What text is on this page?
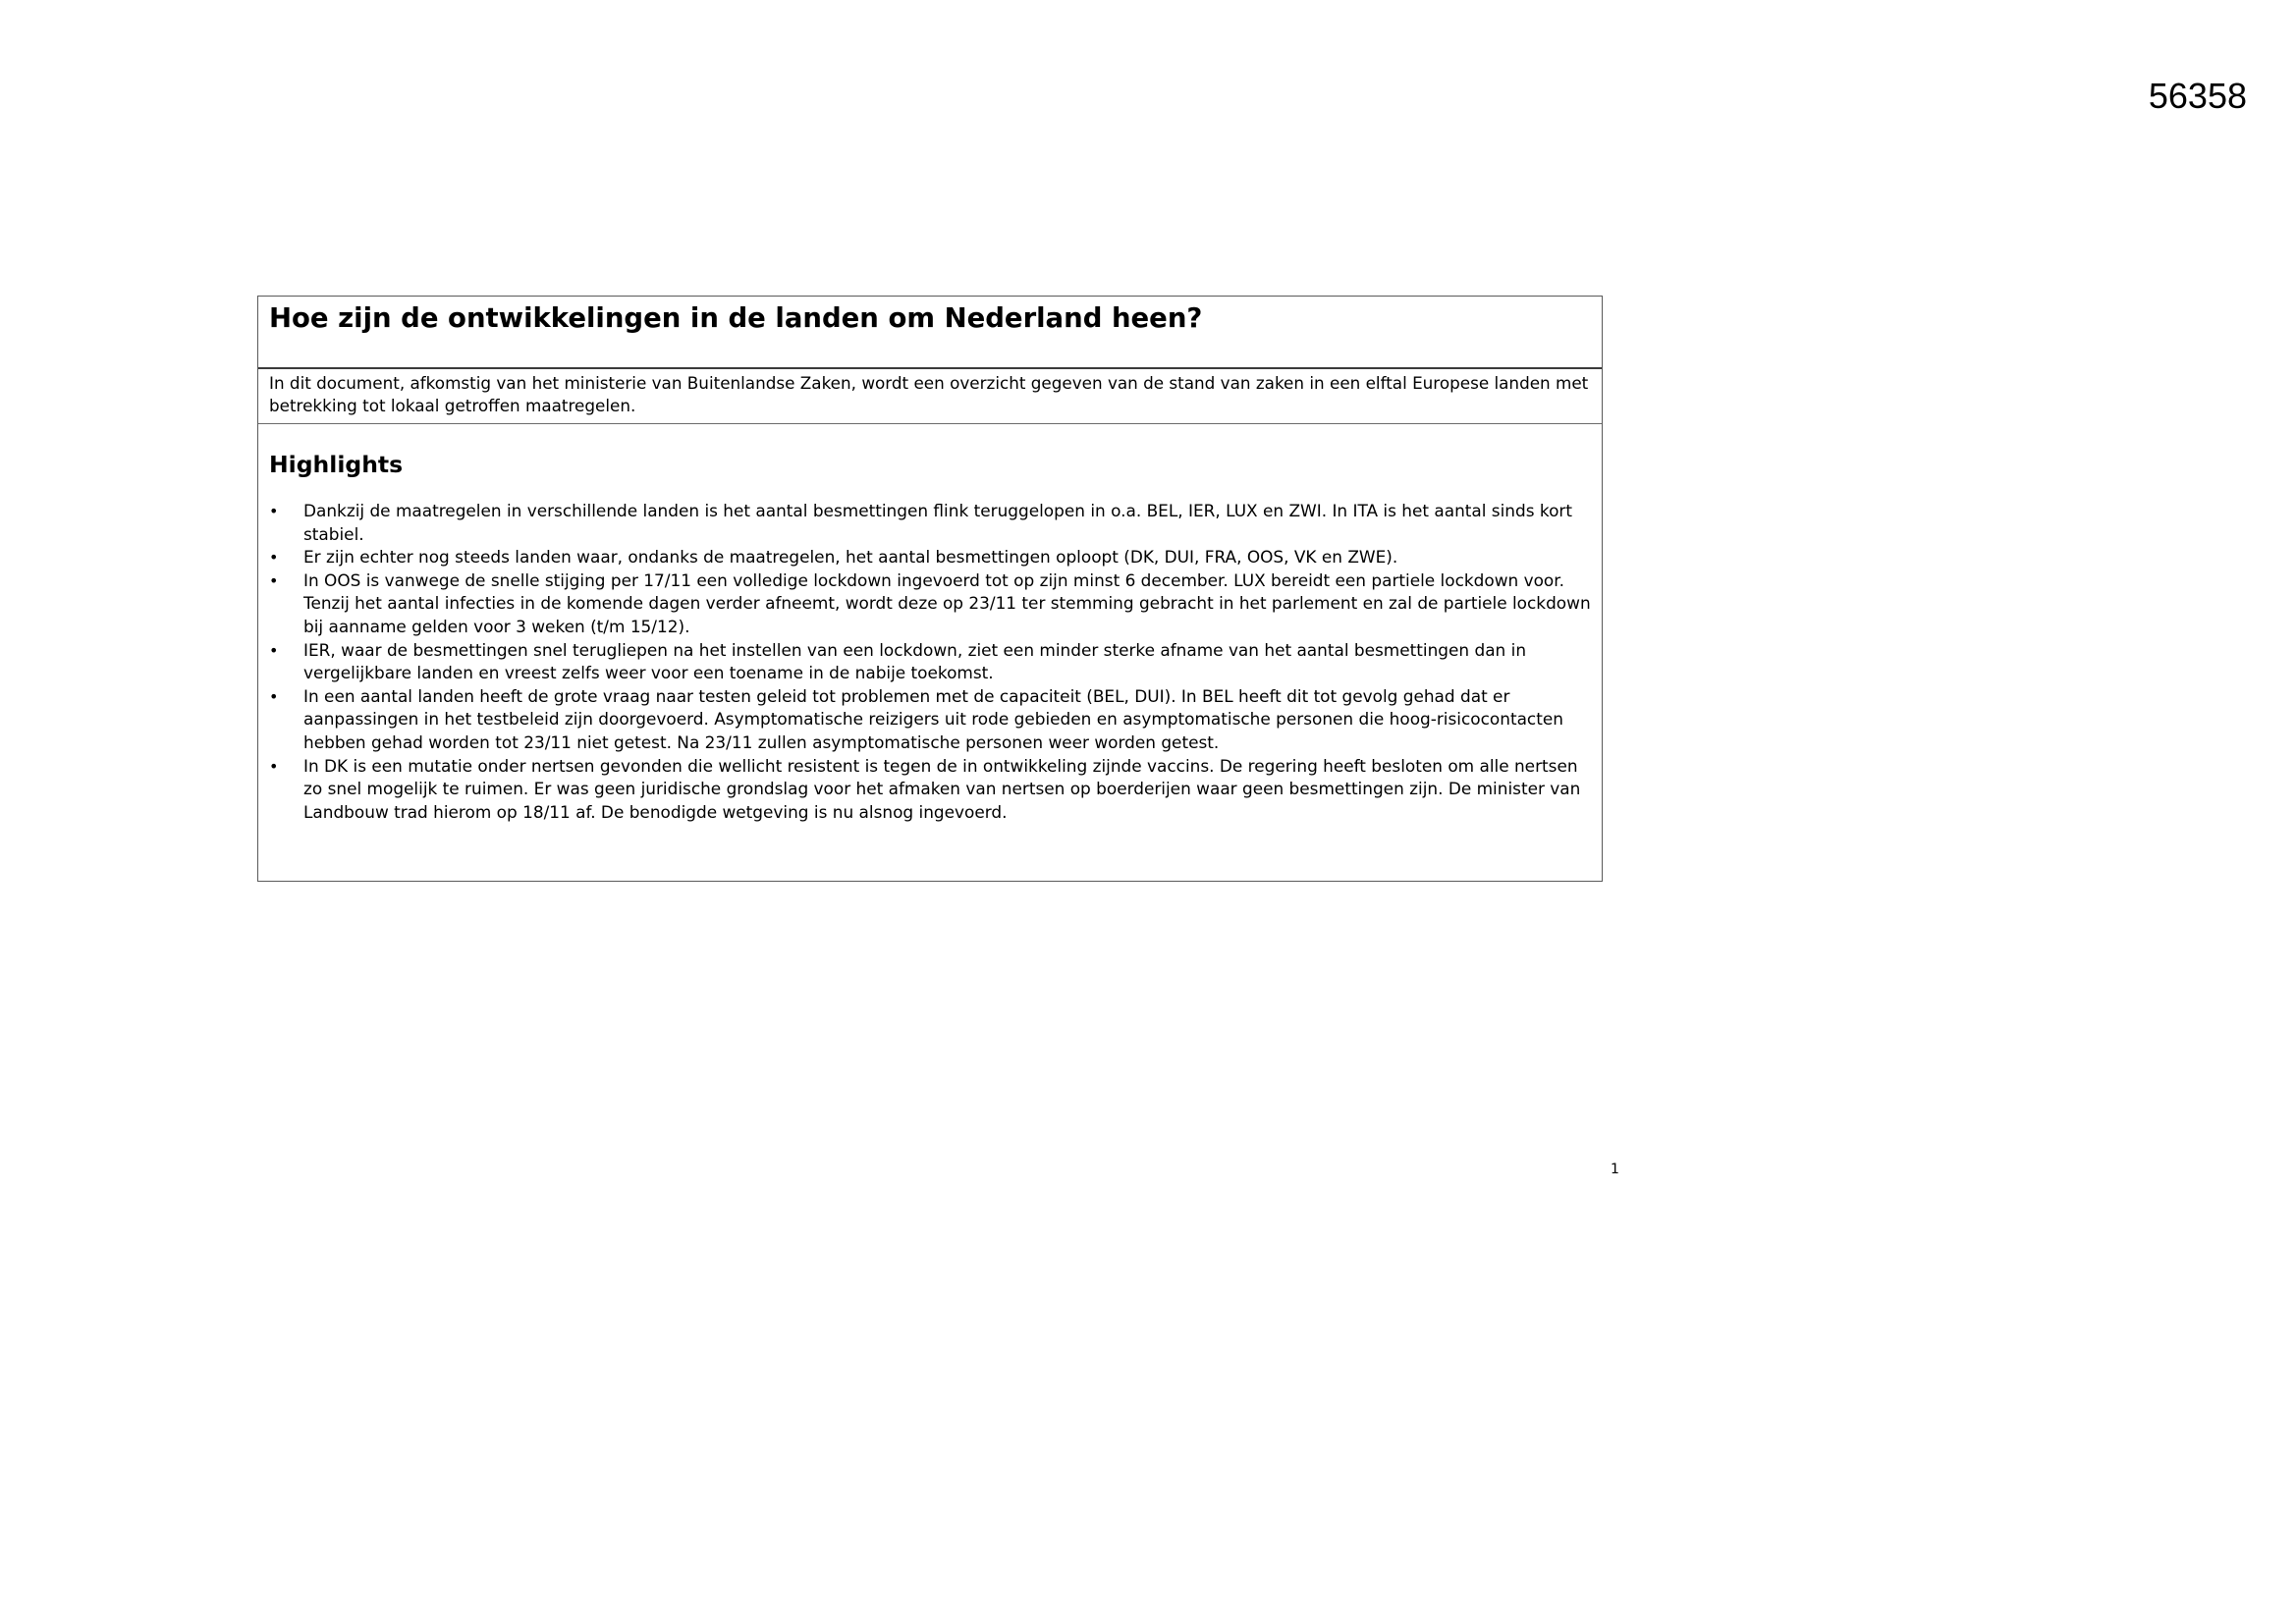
56358
Hoe zijn de ontwikkelingen in de landen om Nederland heen?

In dit document, afkomstig van het ministerie van Buitenlandse Zaken, wordt een overzicht gegeven van de stand van zaken in een elftal Europese landen met betrekking tot lokaal getroffen maatregelen.

Highlights
• Dankzij de maatregelen in verschillende landen is het aantal besmettingen flink teruggelopen in o.a. BEL, IER, LUX en ZWI. In ITA is het aantal sinds kort stabiel.
• Er zijn echter nog steeds landen waar, ondanks de maatregelen, het aantal besmettingen oploopt (DK, DUI, FRA, OOS, VK en ZWE).
• In OOS is vanwege de snelle stijging per 17/11 een volledige lockdown ingevoerd tot op zijn minst 6 december. LUX bereidt een partiele lockdown voor. Tenzij het aantal infecties in de komende dagen verder afneemt, wordt deze op 23/11 ter stemming gebracht in het parlement en zal de partiele lockdown bij aanname gelden voor 3 weken (t/m 15/12).
• IER, waar de besmettingen snel terugliepen na het instellen van een lockdown, ziet een minder sterke afname van het aantal besmettingen dan in vergelijkbare landen en vreest zelfs weer voor een toename in de nabije toekomst.
• In een aantal landen heeft de grote vraag naar testen geleid tot problemen met de capaciteit (BEL, DUI). In BEL heeft dit tot gevolg gehad dat er aanpassingen in het testbeleid zijn doorgevoerd. Asymptomatische reizigers uit rode gebieden en asymptomatische personen die hoog-risicocontacten hebben gehad worden tot 23/11 niet getest. Na 23/11 zullen asymptomatische personen weer worden getest.
• In DK is een mutatie onder nertsen gevonden die wellicht resistent is tegen de in ontwikkeling zijnde vaccins. De regering heeft besloten om alle nertsen zo snel mogelijk te ruimen. Er was geen juridische grondslag voor het afmaken van nertsen op boerderijen waar geen besmettingen zijn. De minister van Landbouw trad hierom op 18/11 af. De benodigde wetgeving is nu alsnog ingevoerd.
1
